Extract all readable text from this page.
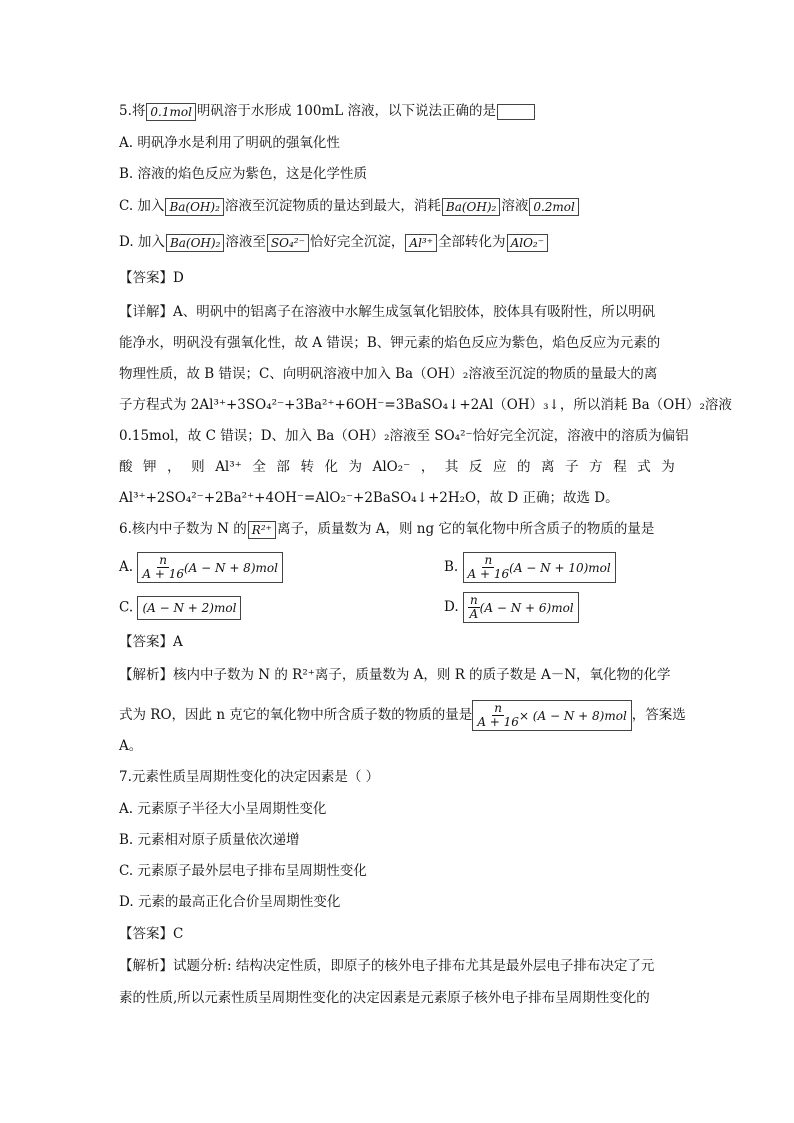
5.将 0.1mol 明矾溶于水形成 100mL 溶液，以下说法正确的是
A. 明矾净水是利用了明矾的强氧化性
B. 溶液的焰色反应为紫色，这是化学性质
C. 加入 Ba(OH)₂ 溶液至沉淀物质的量达到最大，消耗 Ba(OH)₂ 溶液 0.2mol
D. 加入 Ba(OH)₂ 溶液至 SO₄²⁻ 恰好完全沉淀， Al³⁺ 全部转化为 AlO₂⁻
【答案】D
【详解】A、明矾中的铝离子在溶液中水解生成氢氧化铝胶体，胶体具有吸附性，所以明矾
能净水，明矾没有强氧化性，故 A 错误；B、钾元素的焰色反应为紫色，焰色反应为元素的
物理性质，故 B 错误；C、向明矾溶液中加入 Ba（OH）₂溶液至沉淀的物质的量最大的离
子方程式为 2Al³⁺+3SO₄²⁻+3Ba²⁺+6OH⁻=3BaSO₄↓+2Al（OH）₃↓，所以消耗 Ba（OH）₂溶液
0.15mol，故 C 错误；D、加入 Ba（OH）₂溶液至 SO₄²⁻恰好完全沉淀，溶液中的溶质为偏铝
酸 钾 ， 则 Al³⁺ 全 部 转 化 为 AlO₂⁻ ， 其 反 应 的 离 子 方 程 式 为
Al³⁺+2SO₄²⁻+2Ba²⁺+4OH⁻=AlO₂⁻+2BaSO₄↓+2H₂O，故 D 正确；故选 D。
6.核内中子数为 N 的 R²⁺ 离子，质量数为 A，则 ng 它的氧化物中所含质子的物质的量是
A. $\frac{n}{A + 16} (A - N + 8)mol$	B. $\frac{n}{A + 16} (A - N + 10)mol$
C. (A − N + 2)mol	D. $\frac{n}{A} (A - N + 6)mol$
【答案】A
【解析】核内中子数为 N 的 R²⁺离子，质量数为 A，则 R 的质子数是 A－N，氧化物的化学
式为 RO，因此 n 克它的氧化物中所含质子数的物质的量是 $\frac{n}{A + 16} \times (A - N + 8)mol$ ，答案选
A。
7.元素性质呈周期性变化的决定因素是（ ）
A. 元素原子半径大小呈周期性变化
B. 元素相对原子质量依次递增
C. 元素原子最外层电子排布呈周期性变化
D. 元素的最高正化合价呈周期性变化
【答案】C
【解析】试题分析: 结构决定性质，即原子的核外电子排布尤其是最外层电子排布决定了元
素的性质,所以元素性质呈周期性变化的决定因素是元素原子核外电子排布呈周期性变化的
